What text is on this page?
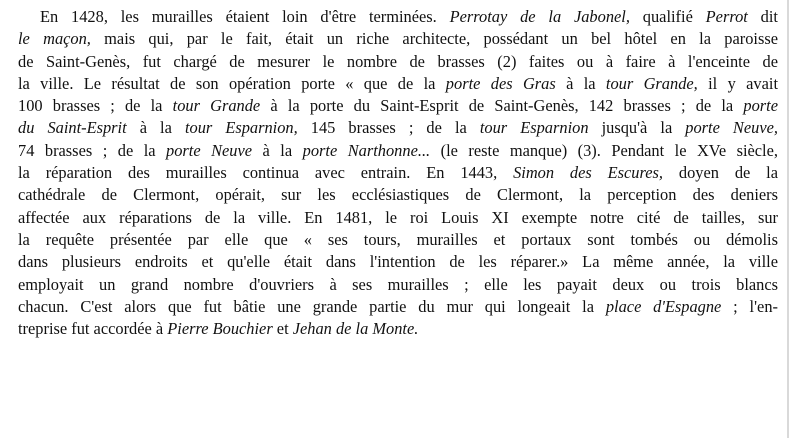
En 1428, les murailles étaient loin d'être terminées. Perrotay de la Jabonel, qualifié Perrot dit
le maçon, mais qui, par le fait, était un riche architecte, possédant un bel hôtel en la paroisse
de Saint-Genès, fut chargé de mesurer le nombre de brasses (2) faites ou à faire à l'enceinte de
la ville. Le résultat de son opération porte « que de la porte des Gras à la tour Grande, il y avait
100 brasses ; de la tour Grande à la porte du Saint-Esprit de Saint-Genès, 142 brasses ; de la porte
du Saint-Esprit à la tour Esparnion, 145 brasses ; de la tour Esparnion jusqu'à la porte Neuve,
74 brasses ; de la porte Neuve à la porte Narthonne... (le reste manque) (3). Pendant le XVe siècle,
la réparation des murailles continua avec entrain. En 1443, Simon des Escures, doyen de la
cathédrale de Clermont, opérait, sur les ecclésiastiques de Clermont, la perception des deniers
affectée aux réparations de la ville. En 1481, le roi Louis XI exempte notre cité de tailles, sur
la requête présentée par elle que « ses tours, murailles et portaux sont tombés ou démolis
dans plusieurs endroits et qu'elle était dans l'intention de les réparer.» La même année, la ville
employait un grand nombre d'ouvriers à ses murailles ; elle les payait deux ou trois blancs
chacun. C'est alors que fut bâtie une grande partie du mur qui longeait la place d'Espagne ; l'en-
treprise fut accordée à Pierre Bouchier et Jehan de la Monte.
